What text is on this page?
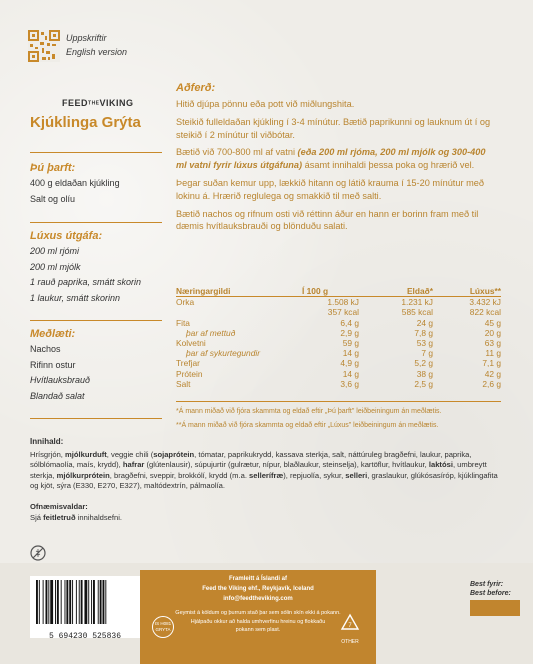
Uppskriftir
English version
FEEDTHEVIKING
Kjúklinga Grýta
Þú þarft:
400 g eldaðan kjúkling
Salt og olíu
Lúxus útgáfa:
200 ml rjómi
200 ml mjólk
1 rauð paprika, smátt skorin
1 laukur, smátt skorinn
Meðlæti:
Nachos
Rifinn ostur
Hvítlauksbrauð
Blandað salat
Aðferð:

Hitið djúpa pönnu eða pott við miðlungshita.

Steikið fulleldaðan kjúkling í 3-4 mínútur. Bætið paprikunni og lauknum út í og steikið í 2 mínútur til viðbótar.

Bætið við 700-800 ml af vatni (eða 200 ml rjóma, 200 ml mjólk og 300-400 ml vatni fyrir lúxus útgáfuna) ásamt innihaldi þessa poka og hrærið vel.

Þegar suðan kemur upp, lækkið hitann og látið krauma í 15-20 mínútur með lokinu á. Hrærið reglulega og smakkið til með salti.

Bætið nachos og rifnum osti við réttinn áður en hann er borinn fram með til dæmis hvítlauksbrauði og blönduðu salati.

Næringargildi	Í 100 g	Eldað*	Lúxus**
Orka	1.508 kJ	1.231 kJ	3.432 kJ
	357 kcal	585 kcal	822 kcal
Fita	6,4 g	24 g	45 g
þar af mettuð	2,9 g	7,8 g	20 g
Kolvetni	59 g	53 g	63 g
þar af sykurtegundir	14 g	7 g	11 g
Trefjar	4,9 g	5,2 g	7,1 g
Prótein	14 g	38 g	42 g
Salt	3,6 g	2,5 g	2,6 g
*Á mann miðað við fjóra skammta og eldað eftir „Þú þarft" leiðbeiningum án meðlætis.
**Á mann miðað við fjóra skammta og eldað eftir „Lúxus" leiðbeiningum án meðlætis.
Innihald:
Hrísgrjón, mjólkurduft, veggie chili (sojaprótein, tómatar, paprikukrydd, kassava sterkja, salt, náttúruleg bragðefni, laukur, paprika, sólblómaolía, maís, krydd), hafrar (glútenlausir), súpujurtir (gulrætur, nípur, blaðlaukur, steinselja), kartöflur, hvítlaukur, laktósi, umbreytt sterkja, mjólkurprótein, bragðefni, sveppir, brokkólí, krydd (m.a. sellerífræ), repjuolía, sykur, selleri, graslaukur, glúkósasíróp, kjúklingafita og kjöt, sýra (E330, E270, E327), maltódextrín, pálmaolía.
Ofnæmisvaldar:
Sjá feitletruð innihaldsefni.
5 694230 525836
Framleitt á Íslandi af
Feed the Viking ehf., Reykjavík, Iceland
info@feedtheviking.com
Geymist á köldum og þurrum stað þar sem sólin skín ekki á pokann.
IS H081 GRYTA
Hjálpaðu okkur að halda umhverfinu hreinu og flokkaðu pokann sem plast.
7
OTHER
Best fyrir:
Best before:
